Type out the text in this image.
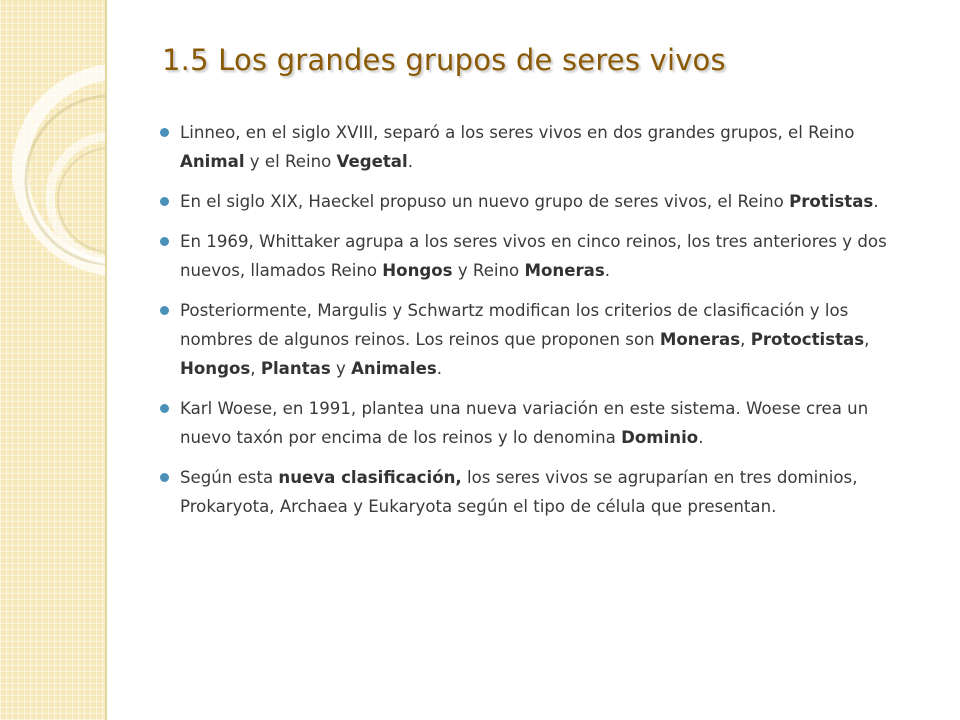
1.5 Los grandes grupos de seres vivos
Linneo, en el siglo XVIII, separó a los seres vivos en dos grandes grupos, el Reino Animal y el Reino Vegetal.
En el siglo XIX, Haeckel propuso un nuevo grupo de seres vivos, el Reino Protistas.
En 1969, Whittaker agrupa a los seres vivos en cinco reinos, los tres anteriores y dos nuevos, llamados Reino Hongos y Reino Moneras.
Posteriormente, Margulis y Schwartz modifican los criterios de clasificación y los nombres de algunos reinos. Los reinos que proponen son Moneras, Protoctistas, Hongos, Plantas y Animales.
Karl Woese, en 1991, plantea una nueva variación en este sistema. Woese crea un nuevo taxón por encima de los reinos y lo denomina Dominio.
Según esta nueva clasificación, los seres vivos se agruparían en tres dominios, Prokaryota, Archaea y Eukaryota según el tipo de célula que presentan.
